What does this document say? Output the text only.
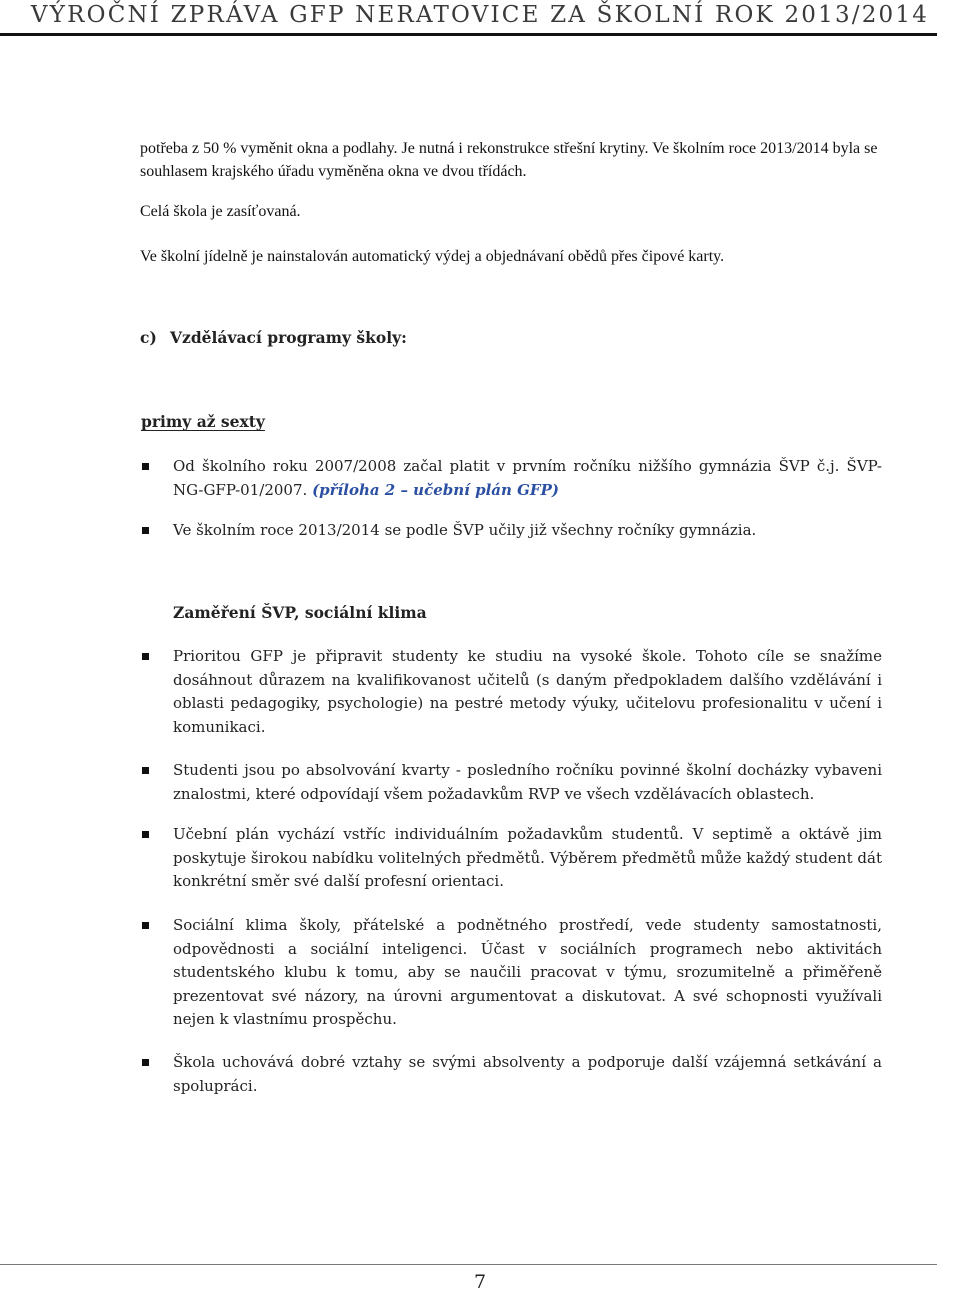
VÝROČNÍ ZPRÁVA GFP NERATOVICE ZA ŠKOLNÍ ROK 2013/2014
potřeba z 50 % vyměnit okna a podlahy. Je nutná i rekonstrukce střešní krytiny. Ve školním roce 2013/2014 byla se souhlasem krajského úřadu vyměněna okna ve dvou třídách.
Celá škola je zasíťovaná.
Ve školní jídelně je nainstalován automatický výdej a objednávaní obědů přes čipové karty.
c) Vzdělávací programy školy:
primy až sexty
Od školního roku 2007/2008 začal platit v prvním ročníku nižšího gymnázia ŠVP č.j. ŠVP-NG-GFP-01/2007. (příloha 2 – učební plán GFP)
Ve školním roce 2013/2014 se podle ŠVP učily již všechny ročníky gymnázia.
Zaměření ŠVP, sociální klima
Prioritou GFP je připravit studenty ke studiu na vysoké škole. Tohoto cíle se snažíme dosáhnout důrazem na kvalifikovanost učitelů (s daným předpokladem dalšího vzdělávání i oblasti pedagogiky, psychologie) na pestré metody výuky, učitelovu profesionalitu v učení i komunikaci.
Studenti jsou po absolvování kvarty - posledního ročníku povinné školní docházky vybaveni znalostmi, které odpovídají všem požadavkům RVP ve všech vzdělávacích oblastech.
Učební plán vychází vstříc individuálním požadavkům studentů. V septimě a oktávě jim poskytuje širokou nabídku volitelných předmětů. Výběrem předmětů může každý student dát konkrétní směr své další profesní orientaci.
Sociální klima školy, přátelské a podnětného prostředí, vede studenty samostatnosti, odpovědnosti a sociální inteligenci. Účast v sociálních programech nebo aktivitách studentského klubu k tomu, aby se naučili pracovat v týmu, srozumitelně a přiměřeně prezentovat své názory, na úrovni argumentovat a diskutovat. A své schopnosti využívali nejen k vlastnímu prospěchu.
Škola uchovává dobré vztahy se svými absolventy a podporuje další vzájemná setkávání a spolupráci.
7
